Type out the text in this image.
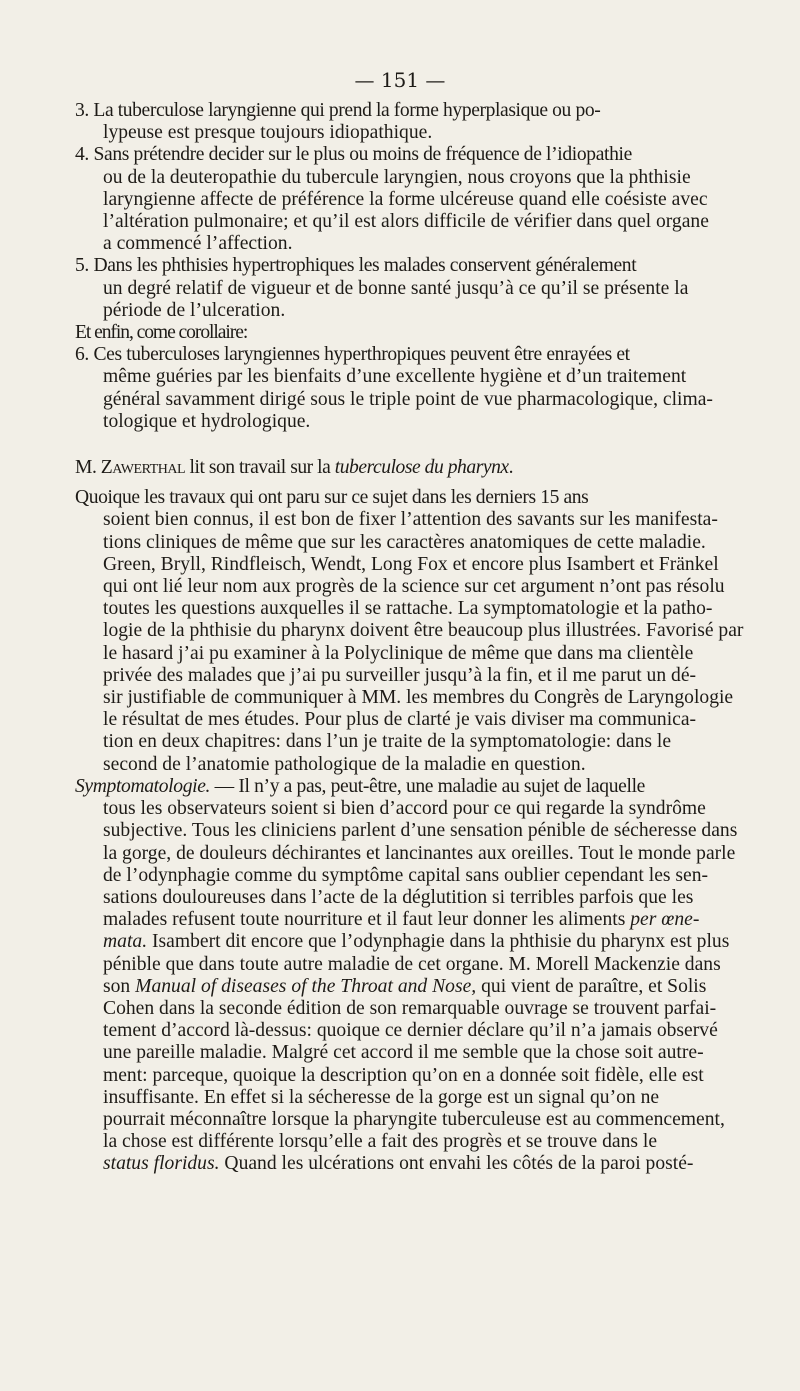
— 151 —

3. La tuberculose laryngienne qui prend la forme hyperplasique ou po-
lypeuse est presque toujours idiopathique.

4. Sans prétendre decider sur le plus ou moins de fréquence de l’idiopathie
ou de la deuteropathie du tubercule laryngien, nous croyons que la phthisie
laryngienne affecte de préférence la forme ulcéreuse quand elle coésiste avec
l’altération pulmonaire; et qu’il est alors difficile de vérifier dans quel organe
a commencé l’affection.

5. Dans les phthisies hypertrophiques les malades conservent généralement
un degré relatif de vigueur et de bonne santé jusqu’à ce qu’il se présente la
période de l’ulceration.

Et enfin, come corollaire:

6. Ces tuberculoses laryngiennes hyperthropiques peuvent être enrayées et
même guéries par les bienfaits d’une excellente hygiène et d’un traitement
général savamment dirigé sous le triple point de vue pharmacologique, clima-
tologique et hydrologique.

M. Zawerthal lit son travail sur la tuberculose du pharynx.

Quoique les travaux qui ont paru sur ce sujet dans les derniers 15 ans
soient bien connus, il est bon de fixer l’attention des savants sur les manifesta-
tions cliniques de même que sur les caractères anatomiques de cette maladie.
Green, Bryll, Rindfleisch, Wendt, Long Fox et encore plus Isambert et Fränkel
qui ont lié leur nom aux progrès de la science sur cet argument n’ont pas résolu
toutes les questions auxquelles il se rattache. La symptomatologie et la patho-
logie de la phthisie du pharynx doivent être beaucoup plus illustrées. Favorisé par
le hasard j’ai pu examiner à la Polyclinique de même que dans ma clientèle
privée des malades que j’ai pu surveiller jusqu’à la fin, et il me parut un dé-
sir justifiable de communiquer à MM. les membres du Congrès de Laryngologie
le résultat de mes études. Pour plus de clarté je vais diviser ma communica-
tion en deux chapitres: dans l’un je traite de la symptomatologie: dans le
second de l’anatomie pathologique de la maladie en question.

Symptomatologie. — Il n’y a pas, peut-être, une maladie au sujet de laquelle
tous les observateurs soient si bien d’accord pour ce qui regarde la syndrôme
subjective. Tous les cliniciens parlent d’une sensation pénible de sécheresse dans
la gorge, de douleurs déchirantes et lancinantes aux oreilles. Tout le monde parle
de l’odynphagie comme du symptôme capital sans oublier cependant les sen-
sations douloureuses dans l’acte de la déglutition si terribles parfois que les
malades refusent toute nourriture et il faut leur donner les aliments per œne-
mata. Isambert dit encore que l’odynphagie dans la phthisie du pharynx est plus
pénible que dans toute autre maladie de cet organe. M. Morell Mackenzie dans
son Manual of diseases of the Throat and Nose, qui vient de paraître, et Solis
Cohen dans la seconde édition de son remarquable ouvrage se trouvent parfai-
tement d’accord là-dessus: quoique ce dernier déclare qu’il n’a jamais observé
une pareille maladie. Malgré cet accord il me semble que la chose soit autre-
ment: parceque, quoique la description qu’on en a donnée soit fidèle, elle est
insuffisante. En effet si la sécheresse de la gorge est un signal qu’on ne
pourrait méconnaître lorsque la pharyngite tuberculeuse est au commencement,
la chose est différente lorsqu’elle a fait des progrès et se trouve dans le
status floridus. Quand les ulcérations ont envahi les côtés de la paroi posté-
